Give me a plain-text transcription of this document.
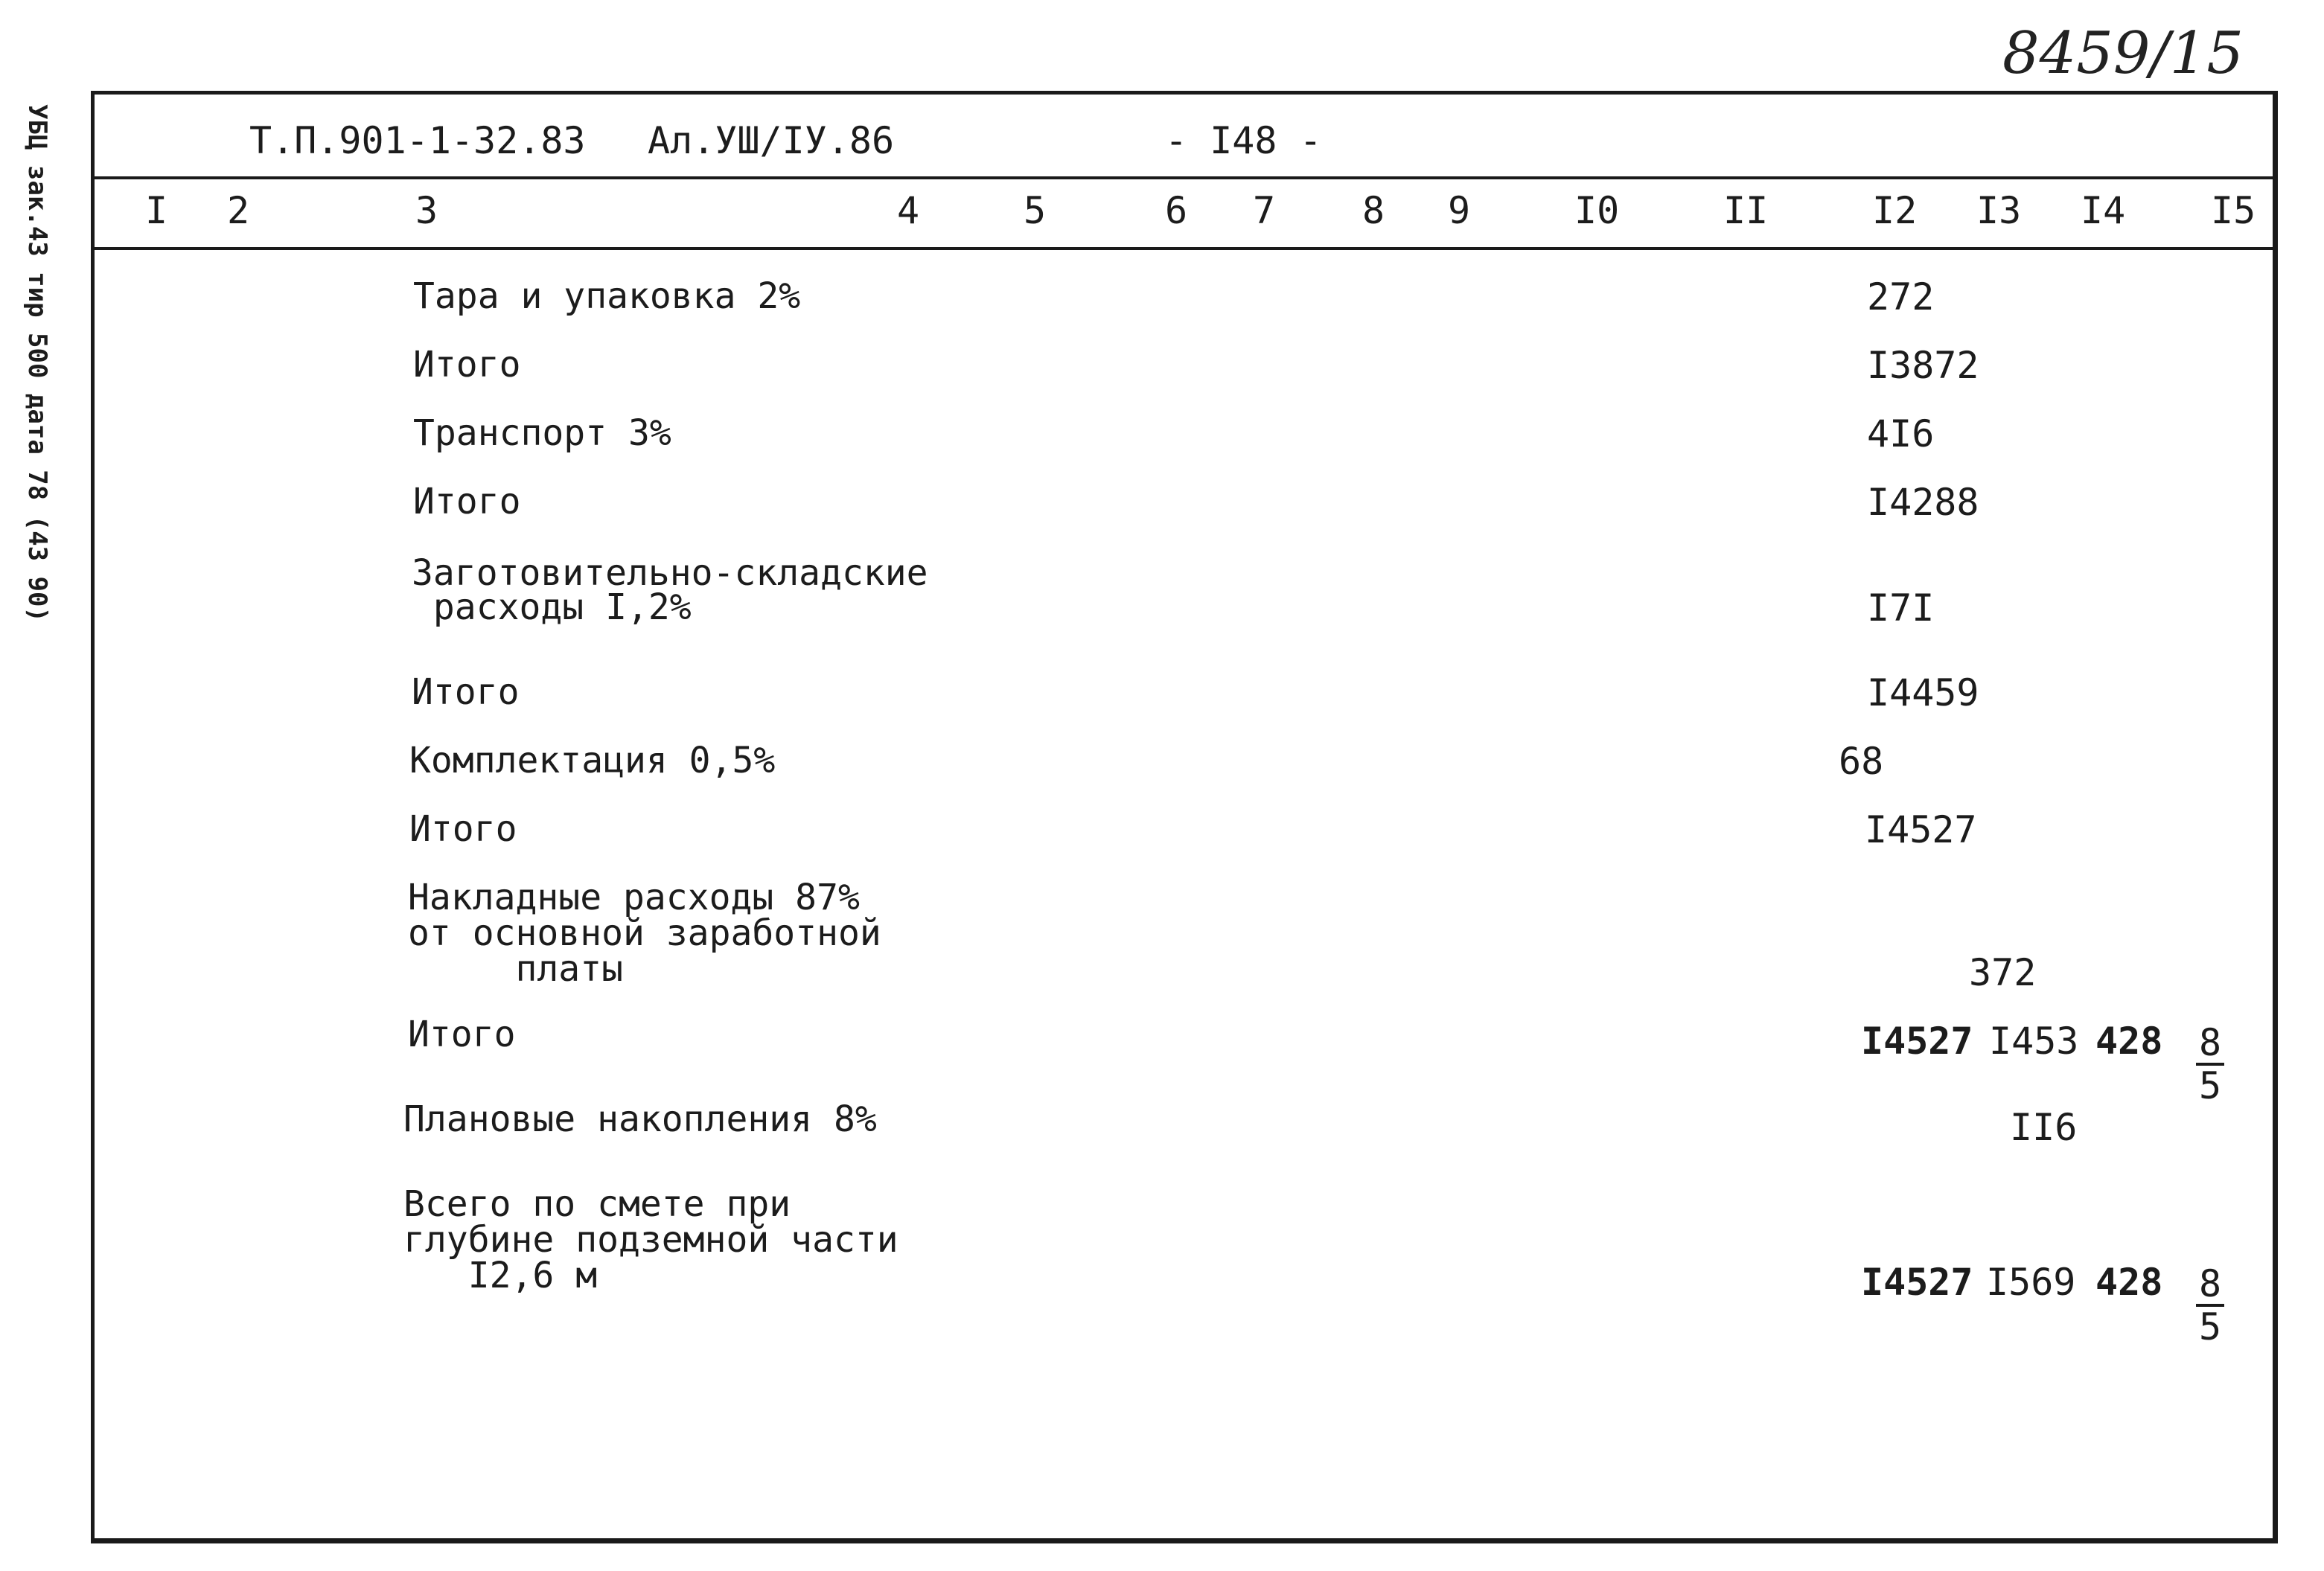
8459/15
УБЦ зак.43 тир 500 дата 78 (43 90)	Т.П.901-1-32.83 Ал.УШ/IУ.86	- I48 -
I 2	3	4	5	6 7 8 9	I0	II	I2 I3 I4 I5
Тара и упаковка 2%	272
Итого	I3872
Транспорт 3%	4I6
Итого	I4288
Заготовительно-складские
расходы I,2%	I7I
Итого	I4459
Комплектация 0,5%	68
Итого	I4527
Накладные расходы 87%
от основной заработной
платы	372
Итого	I4527 I453 $428 \frac{8}{5}$
Плановые накопления 8%	II6
Всего по смете при
глубине подземной части
I2,6 м	I4527 I569 $428 \frac{8}{5}$
